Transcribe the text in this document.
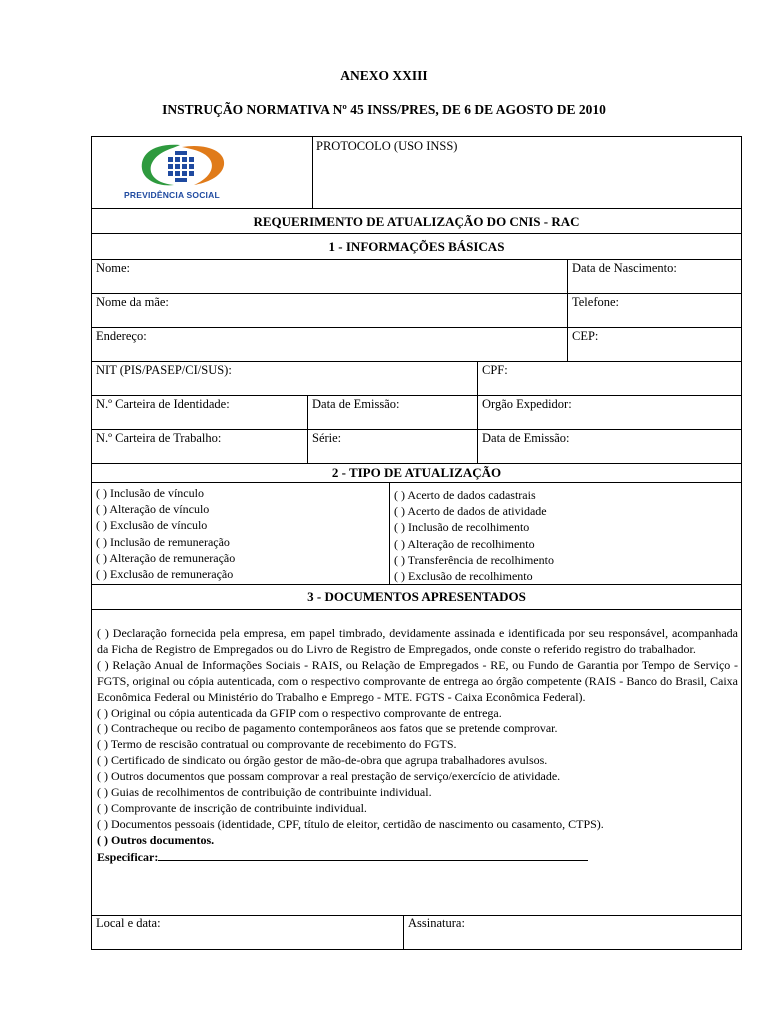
ANEXO XXIII
INSTRUÇÃO NORMATIVA Nº 45 INSS/PRES, DE 6 DE AGOSTO DE 2010
PREVIDÊNCIA SOCIAL
PROTOCOLO (USO INSS)
REQUERIMENTO DE ATUALIZAÇÃO DO CNIS - RAC
1 - INFORMAÇÕES BÁSICAS
Nome:	Data de Nascimento:
Nome da mãe:	Telefone:
Endereço:	CEP:
NIT (PIS/PASEP/CI/SUS):	CPF:
N.º Carteira de Identidade:	Data de Emissão:	Orgão Expedidor:
N.º Carteira de Trabalho:	Série:	Data de Emissão:
2 - TIPO DE ATUALIZAÇÃO
( ) Inclusão de vínculo
( ) Alteração de vínculo
( ) Exclusão de vínculo
( ) Inclusão de remuneração
( ) Alteração de remuneração
( ) Exclusão de remuneração
( ) Acerto de dados cadastrais
( ) Acerto de dados de atividade
( ) Inclusão de recolhimento
( ) Alteração de recolhimento
( ) Transferência de recolhimento
( ) Exclusão de recolhimento
3 - DOCUMENTOS APRESENTADOS

( ) Declaração fornecida pela empresa, em papel timbrado, devidamente assinada e identificada por seu responsável, acompanhada da Ficha de Registro de Empregados ou do Livro de Registro de Empregados, onde conste o referido registro do trabalhador.

( ) Relação Anual de Informações Sociais - RAIS, ou Relação de Empregados - RE, ou Fundo de Garantia por Tempo de Serviço - FGTS, original ou cópia autenticada, com o respectivo comprovante de entrega ao órgão competente (RAIS - Banco do Brasil, Caixa Econômica Federal ou Ministério do Trabalho e Emprego - MTE. FGTS - Caixa Econômica Federal).

( ) Original ou cópia autenticada da GFIP com o respectivo comprovante de entrega.

( ) Contracheque ou recibo de pagamento contemporâneos aos fatos que se pretende comprovar.

( ) Termo de rescisão contratual ou comprovante de recebimento do FGTS.

( ) Certificado de sindicato ou órgão gestor de mão-de-obra que agrupa trabalhadores avulsos.

( ) Outros documentos que possam comprovar a real prestação de serviço/exercício de atividade.

( ) Guias de recolhimentos de contribuição de contribuinte individual.

( ) Comprovante de inscrição de contribuinte individual.

( ) Documentos pessoais (identidade, CPF, título de eleitor, certidão de nascimento ou casamento, CTPS).

( ) Outros documentos.

Especificar:

Local e data:	Assinatura:
